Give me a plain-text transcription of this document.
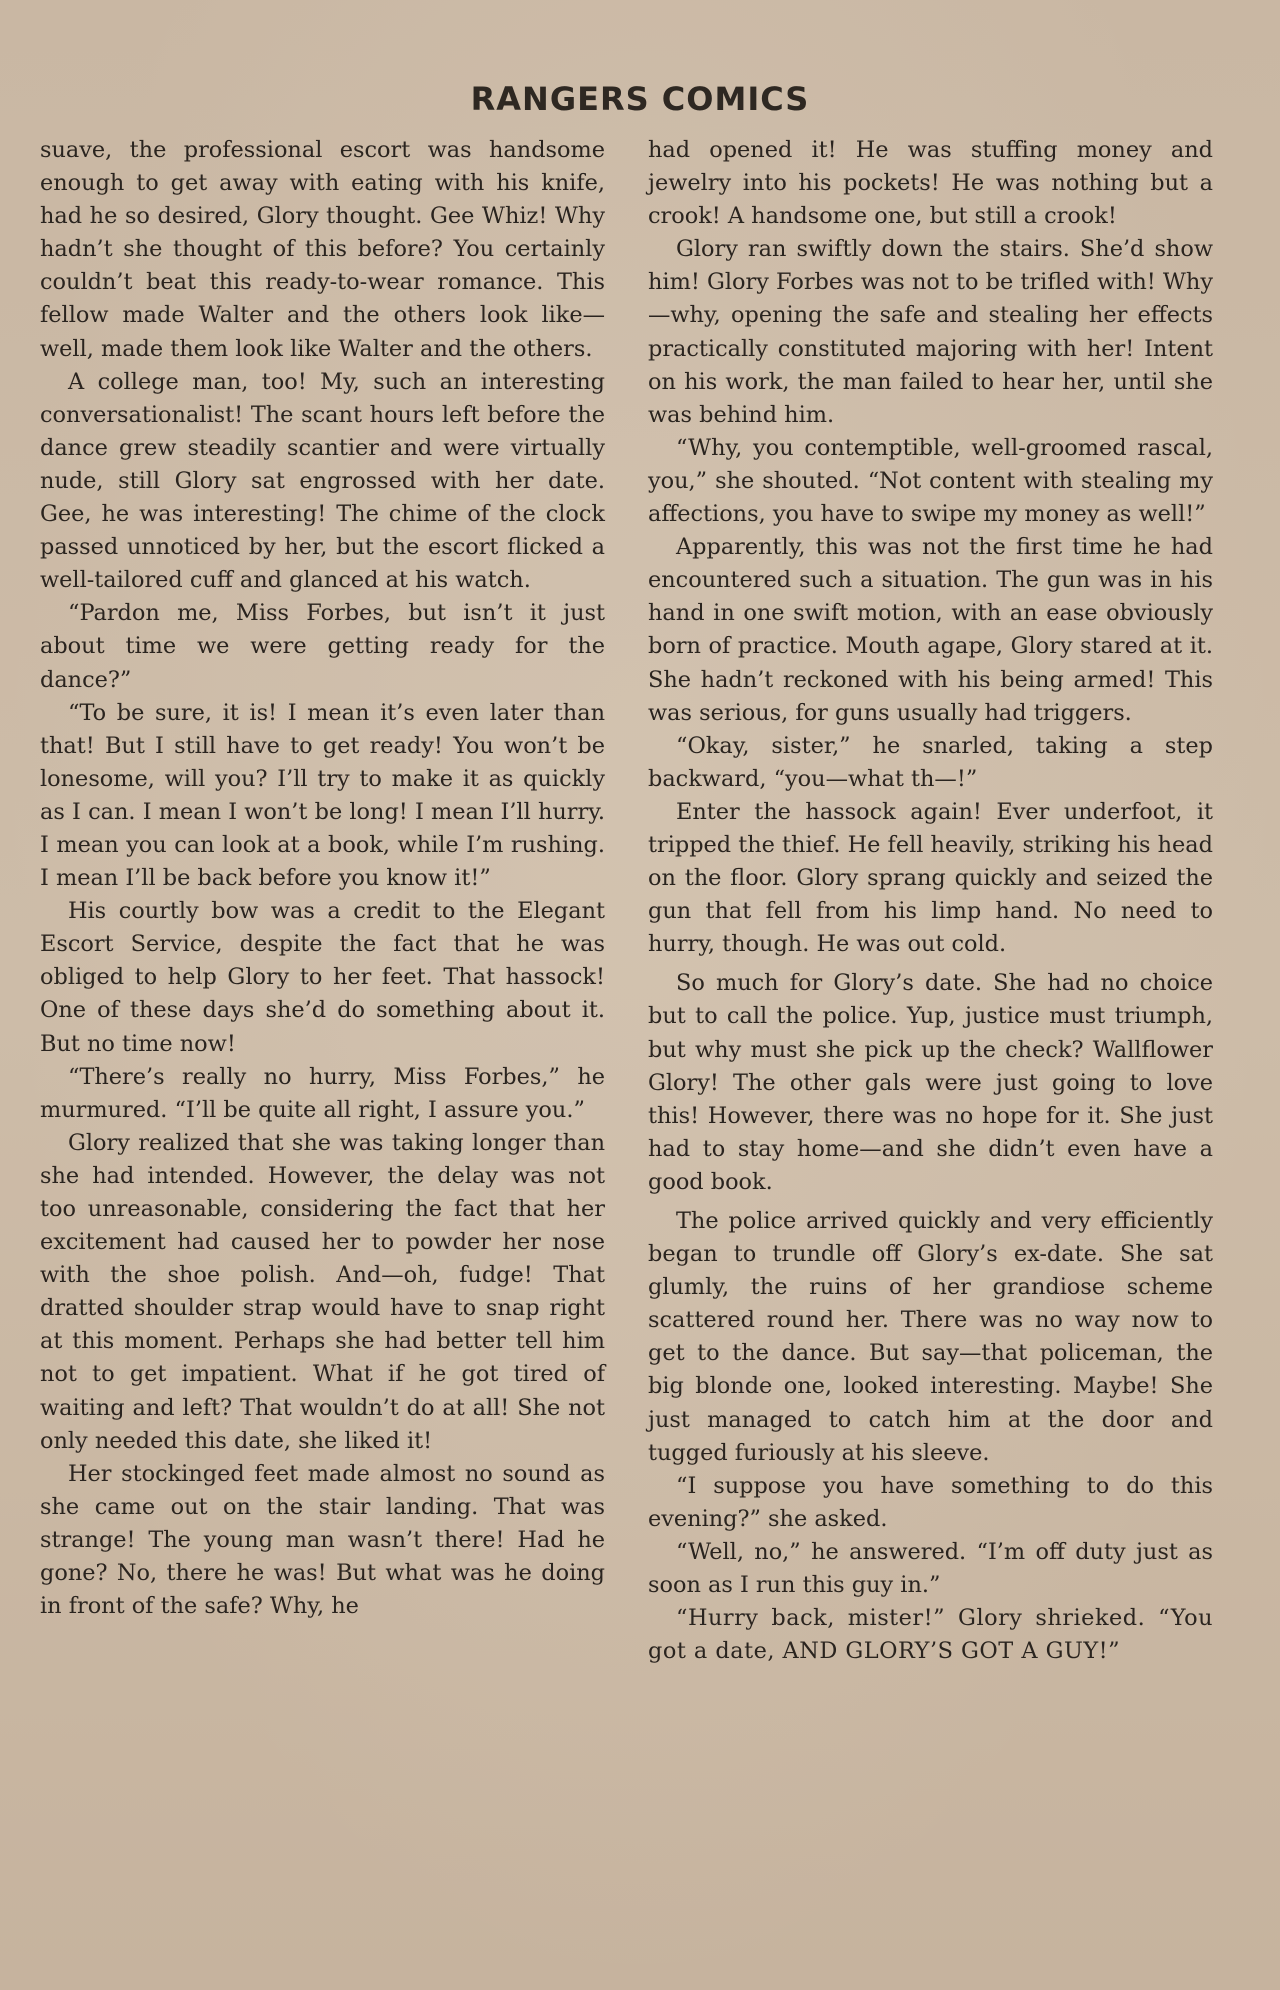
RANGERS COMICS

suave, the professional escort was handsome enough to get away with eating with his knife, had he so desired, Glory thought. Gee Whiz! Why hadn’t she thought of this before? You certainly couldn’t beat this ready-to-wear romance. This fellow made Walter and the others look like—well, made them look like Walter and the others.

A college man, too! My, such an interesting conversationalist! The scant hours left before the dance grew steadily scantier and were virtually nude, still Glory sat engrossed with her date. Gee, he was interesting! The chime of the clock passed unnoticed by her, but the escort flicked a well-tailored cuff and glanced at his watch.

“Pardon me, Miss Forbes, but isn’t it just about time we were getting ready for the dance?”

“To be sure, it is! I mean it’s even later than that! But I still have to get ready! You won’t be lonesome, will you? I’ll try to make it as quickly as I can. I mean I won’t be long! I mean I’ll hurry. I mean you can look at a book, while I’m rushing. I mean I’ll be back before you know it!”

His courtly bow was a credit to the Elegant Escort Service, despite the fact that he was obliged to help Glory to her feet. That hassock! One of these days she’d do something about it. But no time now!

“There’s really no hurry, Miss Forbes,” he murmured. “I’ll be quite all right, I assure you.”

Glory realized that she was taking longer than she had intended. However, the delay was not too unreasonable, considering the fact that her excitement had caused her to powder her nose with the shoe polish. And—oh, fudge! That dratted shoulder strap would have to snap right at this moment. Perhaps she had better tell him not to get impatient. What if he got tired of waiting and left? That wouldn’t do at all! She not only needed this date, she liked it!

Her stockinged feet made almost no sound as she came out on the stair landing. That was strange! The young man wasn’t there! Had he gone? No, there he was! But what was he doing in front of the safe? Why, he

had opened it! He was stuffing money and jewelry into his pockets! He was nothing but a crook! A handsome one, but still a crook!

Glory ran swiftly down the stairs. She’d show him! Glory Forbes was not to be trifled with! Why—why, opening the safe and stealing her effects practically constituted majoring with her! Intent on his work, the man failed to hear her, until she was behind him.

“Why, you contemptible, well-groomed rascal, you,” she shouted. “Not content with stealing my affections, you have to swipe my money as well!”

Apparently, this was not the first time he had encountered such a situation. The gun was in his hand in one swift motion, with an ease obviously born of practice. Mouth agape, Glory stared at it. She hadn’t reckoned with his being armed! This was serious, for guns usually had triggers.

“Okay, sister,” he snarled, taking a step backward, “you—what th—!”

Enter the hassock again! Ever underfoot, it tripped the thief. He fell heavily, striking his head on the floor. Glory sprang quickly and seized the gun that fell from his limp hand. No need to hurry, though. He was out cold.

So much for Glory’s date. She had no choice but to call the police. Yup, justice must triumph, but why must she pick up the check? Wallflower Glory! The other gals were just going to love this! However, there was no hope for it. She just had to stay home—and she didn’t even have a good book.

The police arrived quickly and very efficiently began to trundle off Glory’s ex-date. She sat glumly, the ruins of her grandiose scheme scattered round her. There was no way now to get to the dance. But say—that policeman, the big blonde one, looked interesting. Maybe! She just managed to catch him at the door and tugged furiously at his sleeve.

“I suppose you have something to do this evening?” she asked.

“Well, no,” he answered. “I’m off duty just as soon as I run this guy in.”

“Hurry back, mister!” Glory shrieked. “You got a date, AND GLORY’S GOT A GUY!”
